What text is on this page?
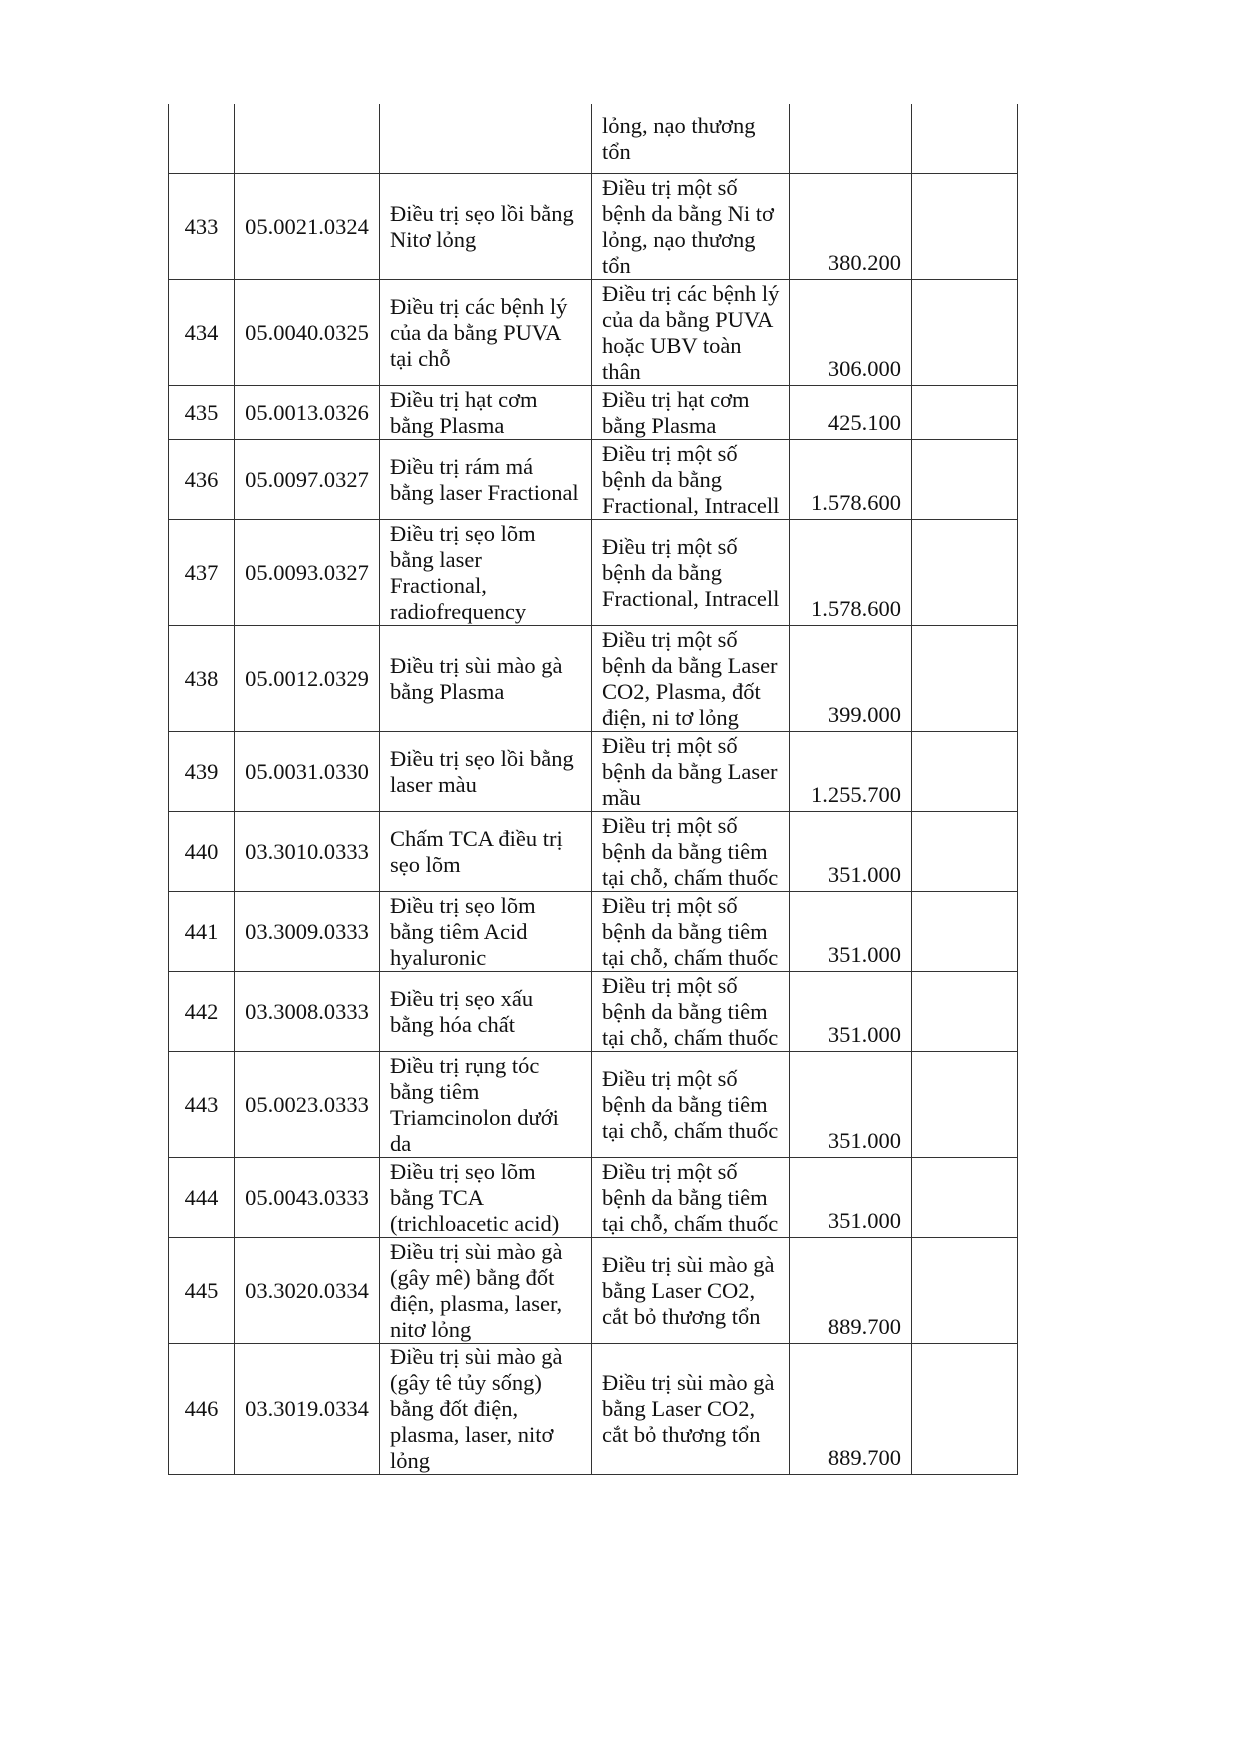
			lỏng, nạo thương
tổn		

433	05.0021.0324	Điều trị sẹo lồi bằng
Nitơ lỏng	Điều trị một số
bệnh da bằng Ni tơ
lỏng, nạo thương
tổn	380.200	
434	05.0040.0325	Điều trị các bệnh lý
của da bằng PUVA
tại chỗ	Điều trị các bệnh lý
của da bằng PUVA
hoặc UBV toàn
thân	306.000	
435	05.0013.0326	Điều trị hạt cơm
bằng Plasma	Điều trị hạt cơm
bằng Plasma	425.100	
436	05.0097.0327	Điều trị rám má
bằng laser Fractional	Điều trị một số
bệnh da bằng
Fractional, Intracell	1.578.600	
437	05.0093.0327	Điều trị sẹo lõm
bằng laser
Fractional,
radiofrequency	Điều trị một số
bệnh da bằng
Fractional, Intracell	1.578.600	
438	05.0012.0329	Điều trị sùi mào gà
bằng Plasma	Điều trị một số
bệnh da bằng Laser
CO2, Plasma, đốt
điện, ni tơ lỏng	399.000	
439	05.0031.0330	Điều trị sẹo lồi bằng
laser màu	Điều trị một số
bệnh da bằng Laser
mầu	1.255.700	
440	03.3010.0333	Chấm TCA điều trị
sẹo lõm	Điều trị một số
bệnh da bằng tiêm
tại chỗ, chấm thuốc	351.000	
441	03.3009.0333	Điều trị sẹo lõm
bằng tiêm Acid
hyaluronic	Điều trị một số
bệnh da bằng tiêm
tại chỗ, chấm thuốc	351.000	
442	03.3008.0333	Điều trị sẹo xấu
bằng hóa chất	Điều trị một số
bệnh da bằng tiêm
tại chỗ, chấm thuốc	351.000	
443	05.0023.0333	Điều trị rụng tóc
bằng tiêm
Triamcinolon dưới
da	Điều trị một số
bệnh da bằng tiêm
tại chỗ, chấm thuốc	351.000	
444	05.0043.0333	Điều trị sẹo lõm
bằng TCA
(trichloacetic acid)	Điều trị một số
bệnh da bằng tiêm
tại chỗ, chấm thuốc	351.000	
445	03.3020.0334	Điều trị sùi mào gà
(gây mê) bằng đốt
điện, plasma, laser,
nitơ lỏng	Điều trị sùi mào gà
bằng Laser CO2,
cắt bỏ thương tổn	889.700	
446	03.3019.0334	Điều trị sùi mào gà
(gây tê tủy sống)
bằng đốt điện,
plasma, laser, nitơ
lỏng	Điều trị sùi mào gà
bằng Laser CO2,
cắt bỏ thương tổn	889.700	
